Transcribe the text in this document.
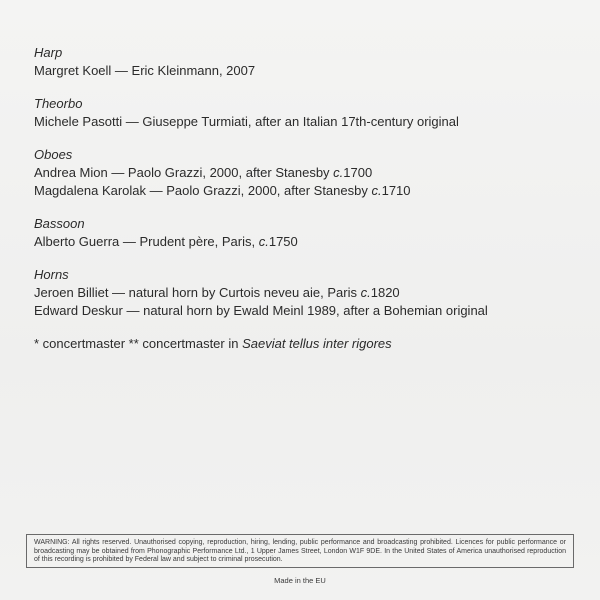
Harp

Margret Koell — Eric Kleinmann, 2007

Theorbo

Michele Pasotti — Giuseppe Turmiati, after an Italian 17th-century original

Oboes

Andrea Mion — Paolo Grazzi, 2000, after Stanesby c.1700

Magdalena Karolak — Paolo Grazzi, 2000, after Stanesby c.1710

Bassoon

Alberto Guerra — Prudent père, Paris, c.1750

Horns

Jeroen Billiet — natural horn by Curtois neveu aie, Paris c.1820

Edward Deskur — natural horn by Ewald Meinl 1989, after a Bohemian original

* concertmaster ** concertmaster in Saeviat tellus inter rigores

WARNING: All rights reserved. Unauthorised copying, reproduction, hiring, lending, public performance and broadcasting prohibited. Licences for public performance or broadcasting may be obtained from Phonographic Performance Ltd., 1 Upper James Street, London W1F 9DE. In the United States of America unauthorised reproduction of this recording is prohibited by Federal law and subject to criminal prosecution.
Made in the EU
